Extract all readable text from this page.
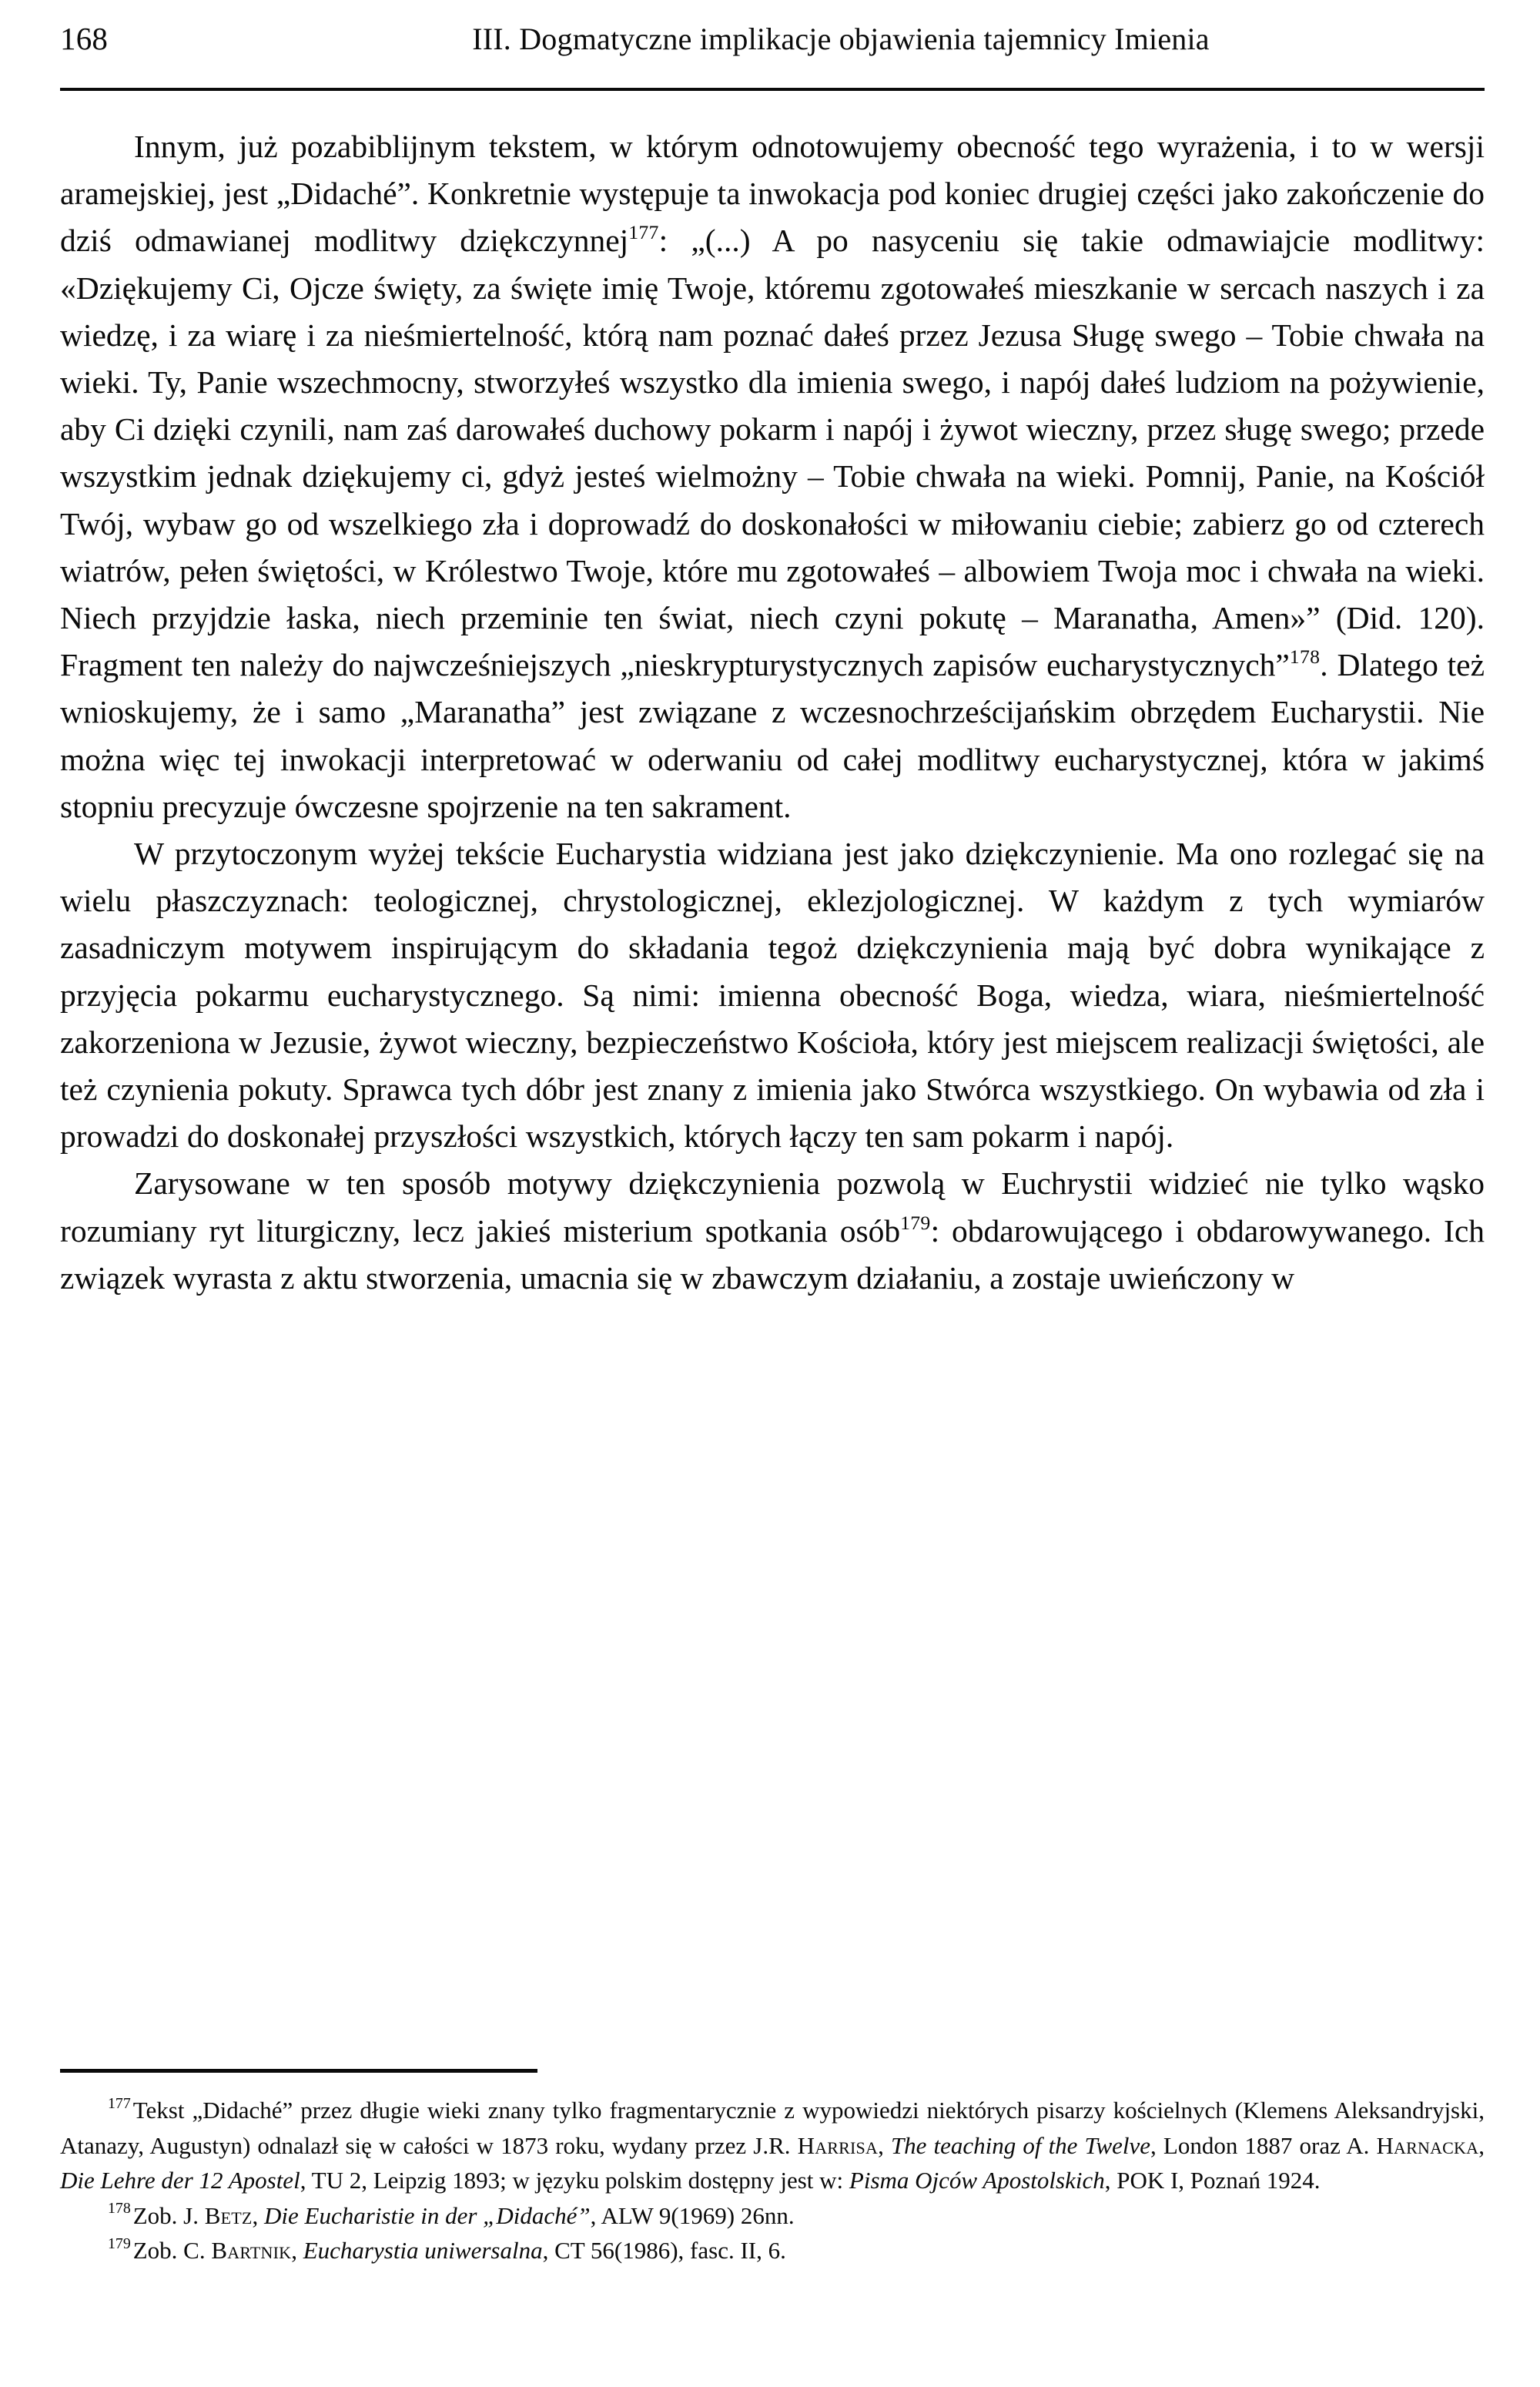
168	III. Dogmatyczne implikacje objawienia tajemnicy Imienia

Innym, już pozabiblijnym tekstem, w którym odnotowujemy obecność tego wyrażenia, i to w wersji aramejskiej, jest „Didaché”. Konkretnie występuje ta inwokacja pod koniec drugiej części jako zakończenie do dziś odmawianej modlitwy dziękczynnej$^{177}$: „(...) A po nasyceniu się takie odmawiajcie modlitwy: «Dziękujemy Ci, Ojcze święty, za święte imię Twoje, któremu zgotowałeś mieszkanie w sercach naszych i za wiedzę, i za wiarę i za nieśmiertelność, którą nam poznać dałeś przez Jezusa Sługę swego – Tobie chwała na wieki. Ty, Panie wszechmocny, stworzyłeś wszystko dla imienia swego, i napój dałeś ludziom na pożywienie, aby Ci dzięki czynili, nam zaś darowałeś duchowy pokarm i napój i żywot wieczny, przez sługę swego; przede wszystkim jednak dziękujemy ci, gdyż jesteś wielmożny – Tobie chwała na wieki. Pomnij, Panie, na Kościół Twój, wybaw go od wszelkiego zła i doprowadź do doskonałości w miłowaniu ciebie; zabierz go od czterech wiatrów, pełen świętości, w Królestwo Twoje, które mu zgotowałeś – albowiem Twoja moc i chwała na wieki. Niech przyjdzie łaska, niech przeminie ten świat, niech czyni pokutę – Maranatha, Amen»” (Did. 120). Fragment ten należy do najwcześniejszych „nieskrypturystycznych zapisów eucharystycznych”$^{178}$. Dlatego też wnioskujemy, że i samo „Maranatha” jest związane z wczesnochrześcijańskim obrzędem Eucharystii. Nie można więc tej inwokacji interpretować w oderwaniu od całej modlitwy eucharystycznej, która w jakimś stopniu precyzuje ówczesne spojrzenie na ten sakrament.

W przytoczonym wyżej tekście Eucharystia widziana jest jako dziękczynienie. Ma ono rozlegać się na wielu płaszczyznach: teologicznej, chrystologicznej, eklezjologicznej. W każdym z tych wymiarów zasadniczym motywem inspirującym do składania tegoż dziękczynienia mają być dobra wynikające z przyjęcia pokarmu eucharystycznego. Są nimi: imienna obecność Boga, wiedza, wiara, nieśmiertelność zakorzeniona w Jezusie, żywot wieczny, bezpieczeństwo Kościoła, który jest miejscem realizacji świętości, ale też czynienia pokuty. Sprawca tych dóbr jest znany z imienia jako Stwórca wszystkiego. On wybawia od zła i prowadzi do doskonałej przyszłości wszystkich, których łączy ten sam pokarm i napój.

Zarysowane w ten sposób motywy dziękczynienia pozwolą w Euchrystii widzieć nie tylko wąsko rozumiany ryt liturgiczny, lecz jakieś misterium spotkania osób$^{179}$: obdarowującego i obdarowywanego. Ich związek wyrasta z aktu stworzenia, umacnia się w zbawczym działaniu, a zostaje uwieńczony w

$^{177}$Tekst „Didaché” przez długie wieki znany tylko fragmentarycznie z wypowiedzi niektórych pisarzy kościelnych (Klemens Aleksandryjski, Atanazy, Augustyn) odnalazł się w całości w 1873 roku, wydany przez J.R. Harrisa, The teaching of the Twelve, London 1887 oraz A. Harnacka, Die Lehre der 12 Apostel, TU 2, Leipzig 1893; w języku polskim dostępny jest w: Pisma Ojców Apostolskich, POK I, Poznań 1924.

$^{178}$Zob. J. Betz, Die Eucharistie in der „Didaché”, ALW 9(1969) 26nn.

$^{179}$Zob. C. Bartnik, Eucharystia uniwersalna, CT 56(1986), fasc. II, 6.
